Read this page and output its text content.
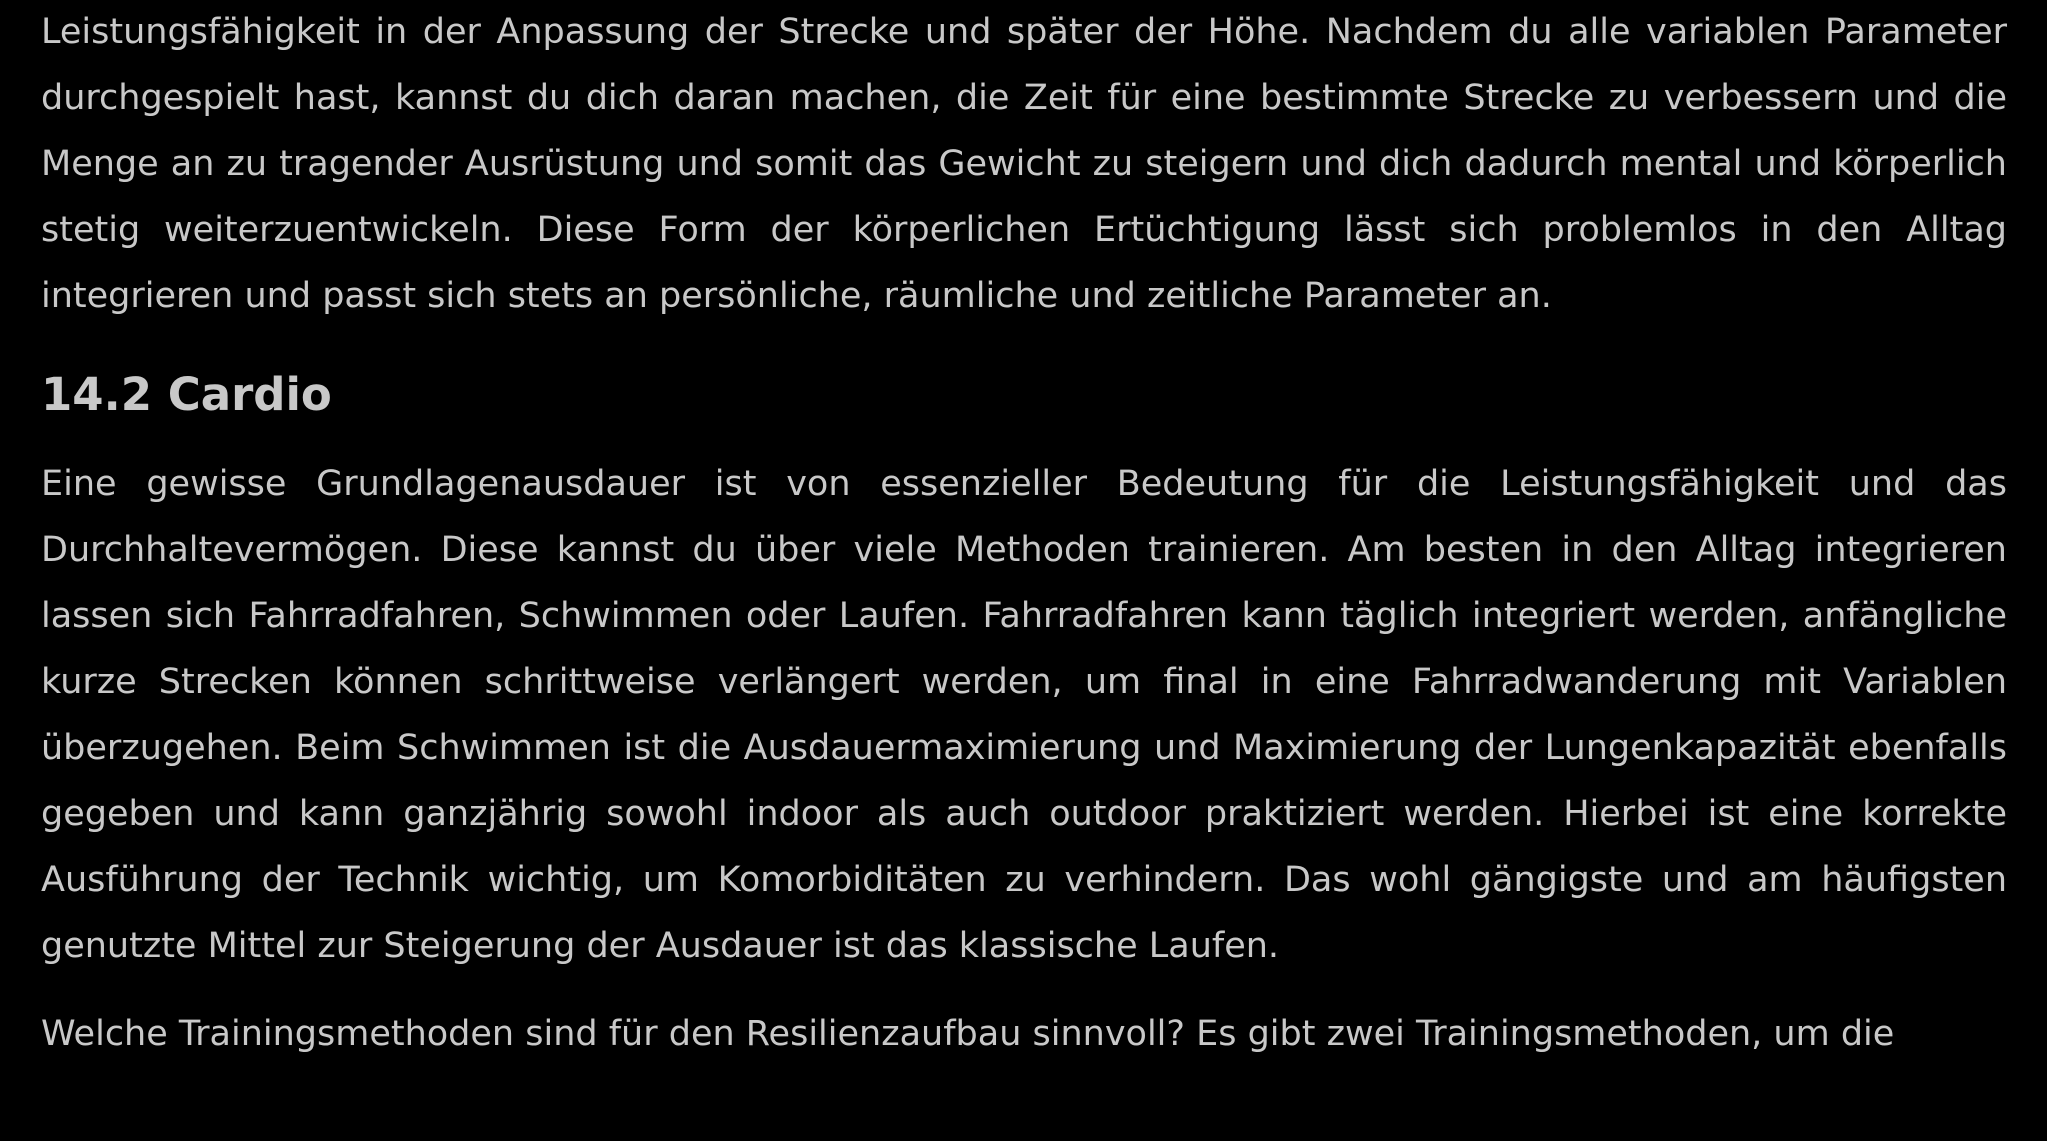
Leistungsfähigkeit in der Anpassung der Strecke und später der Höhe. Nachdem du alle variablen Parameter durchgespielt hast, kannst du dich daran machen, die Zeit für eine bestimmte Strecke zu verbessern und die Menge an zu tragender Ausrüstung und somit das Gewicht zu steigern und dich dadurch mental und körperlich stetig weiterzuentwickeln. Diese Form der körperlichen Ertüchtigung lässt sich problemlos in den Alltag integrieren und passt sich stets an persönliche, räumliche und zeitliche Parameter an.

14.2 Cardio

Eine gewisse Grundlagenausdauer ist von essenzieller Bedeutung für die Leistungsfähigkeit und das Durchhaltevermögen. Diese kannst du über viele Methoden trainieren. Am besten in den Alltag integrieren lassen sich Fahrradfahren, Schwimmen oder Laufen. Fahrradfahren kann täglich integriert werden, anfängliche kurze Strecken können schrittweise verlängert werden, um final in eine Fahrradwanderung mit Variablen überzugehen. Beim Schwimmen ist die Ausdauermaximierung und Maximierung der Lungenkapazität ebenfalls gegeben und kann ganzjährig sowohl indoor als auch outdoor praktiziert werden. Hierbei ist eine korrekte Ausführung der Technik wichtig, um Komorbiditäten zu verhindern. Das wohl gängigste und am häufigsten genutzte Mittel zur Steigerung der Ausdauer ist das klassische Laufen.

Welche Trainingsmethoden sind für den Resilienzaufbau sinnvoll? Es gibt zwei Trainingsmethoden, um die
